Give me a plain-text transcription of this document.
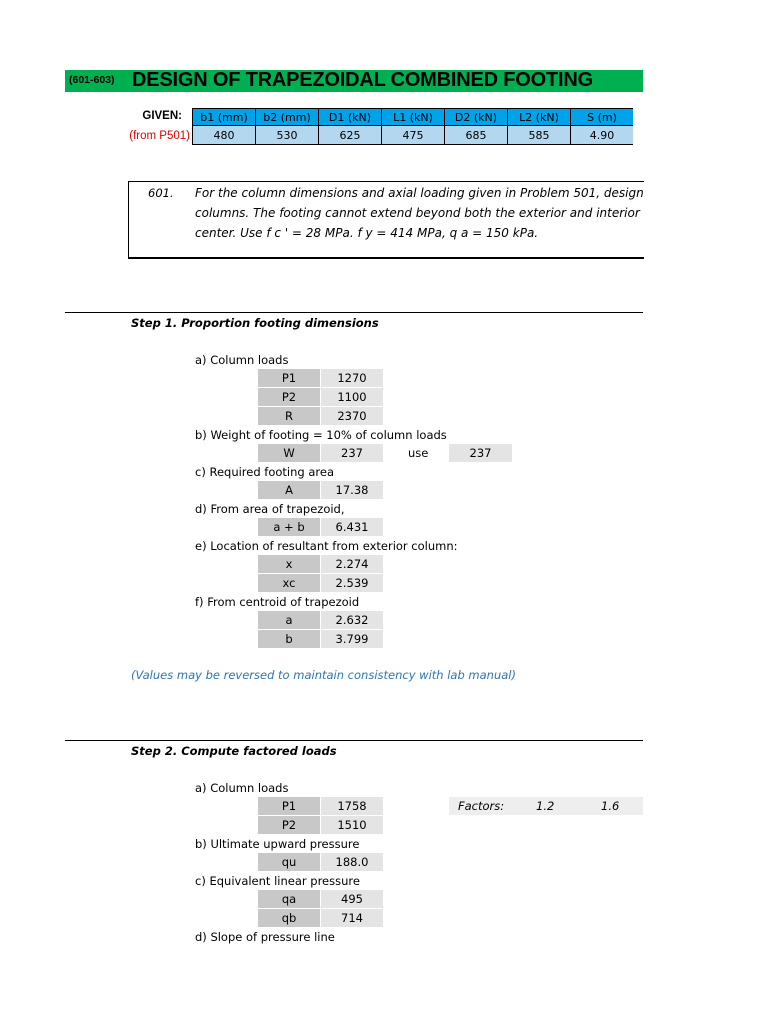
(601-603) DESIGN OF TRAPEZOIDAL COMBINED FOOTING
GIVEN:
(from P501)
b1 (mm)	b2 (mm)	D1 (kN)	L1 (kN)	D2 (kN)	L2 (kN)	S (m)
480	530	625	475	685	585	4.90
601. For the column dimensions and axial loading given in Problem 501, design
columns. The footing cannot extend beyond both the exterior and interior
center. Use f c ' = 28 MPa. f y = 414 MPa, q a = 150 kPa.
Step 1. Proportion footing dimensions
a) Column loads
P1	1270
P2	1100
R	2370
b) Weight of footing = 10% of column loads
W	237	use	237
c) Required footing area
A	17.38
d) From area of trapezoid,
a + b	6.431
e) Location of resultant from exterior column:
x	2.274
xc	2.539
f) From centroid of trapezoid
a	2.632
b	3.799
(Values may be reversed to maintain consistency with lab manual)
Step 2. Compute factored loads
a) Column loads
P1	1758
P2	1510
Factors:	1.2	1.6
b) Ultimate upward pressure
qu	188.0
c) Equivalent linear pressure
qa	495
qb	714
d) Slope of pressure line
